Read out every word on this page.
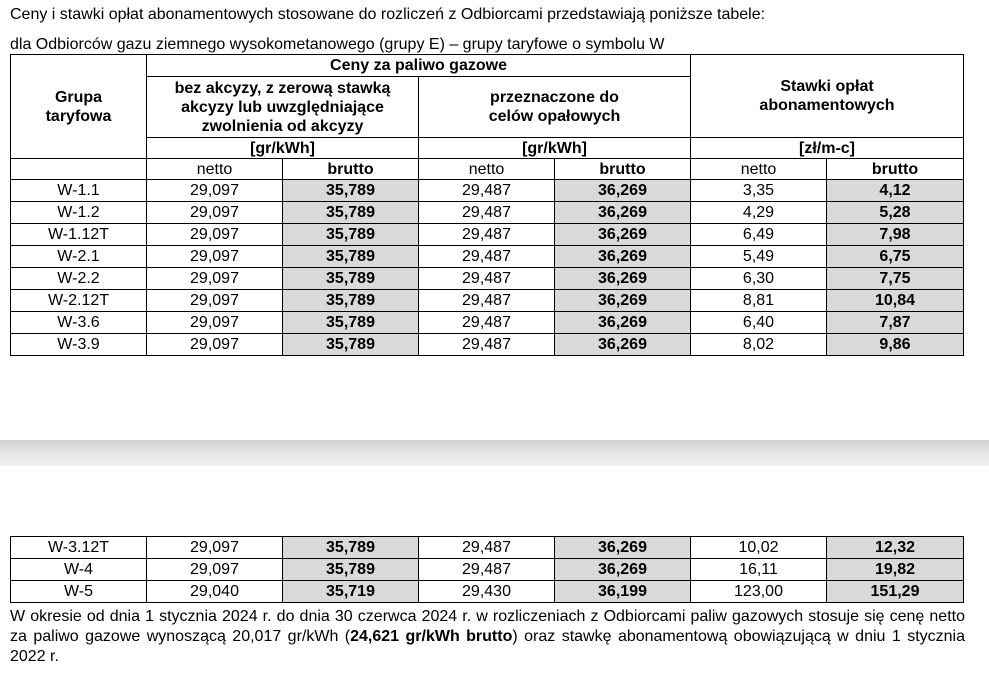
Ceny i stawki opłat abonamentowych stosowane do rozliczeń z Odbiorcami przedstawiają poniższe tabele:
dla Odbiorców gazu ziemnego wysokometanowego (grupy E) – grupy taryfowe o symbolu W
Grupa taryfowa	Ceny za paliwo gazowe				Stawki opłat abonamentowych	
	bez akcyzy, z zerową stawką akcyzy lub uwzględniające zwolnienia od akcyzy		przeznaczone do celów opałowych			
	[gr/kWh]		[gr/kWh]		[zł/m-c]	
	netto	brutto	netto	brutto	netto	brutto
W-1.1	29,097	35,789	29,487	36,269	3,35	4,12
W-1.2	29,097	35,789	29,487	36,269	4,29	5,28
W-1.12T	29,097	35,789	29,487	36,269	6,49	7,98
W-2.1	29,097	35,789	29,487	36,269	5,49	6,75
W-2.2	29,097	35,789	29,487	36,269	6,30	7,75
W-2.12T	29,097	35,789	29,487	36,269	8,81	10,84
W-3.6	29,097	35,789	29,487	36,269	6,40	7,87
W-3.9	29,097	35,789	29,487	36,269	8,02	9,86
W-3.12T	29,097	35,789	29,487	36,269	10,02	12,32
W-4	29,097	35,789	29,487	36,269	16,11	19,82
W-5	29,040	35,719	29,430	36,199	123,00	151,29
W okresie od dnia 1 stycznia 2024 r. do dnia 30 czerwca 2024 r. w rozliczeniach z Odbiorcami paliw gazowych stosuje się cenę netto za paliwo gazowe wynoszącą 20,017 gr/kWh (24,621 gr/kWh brutto) oraz stawkę abonamentową obowiązującą w dniu 1 stycznia 2022 r.
